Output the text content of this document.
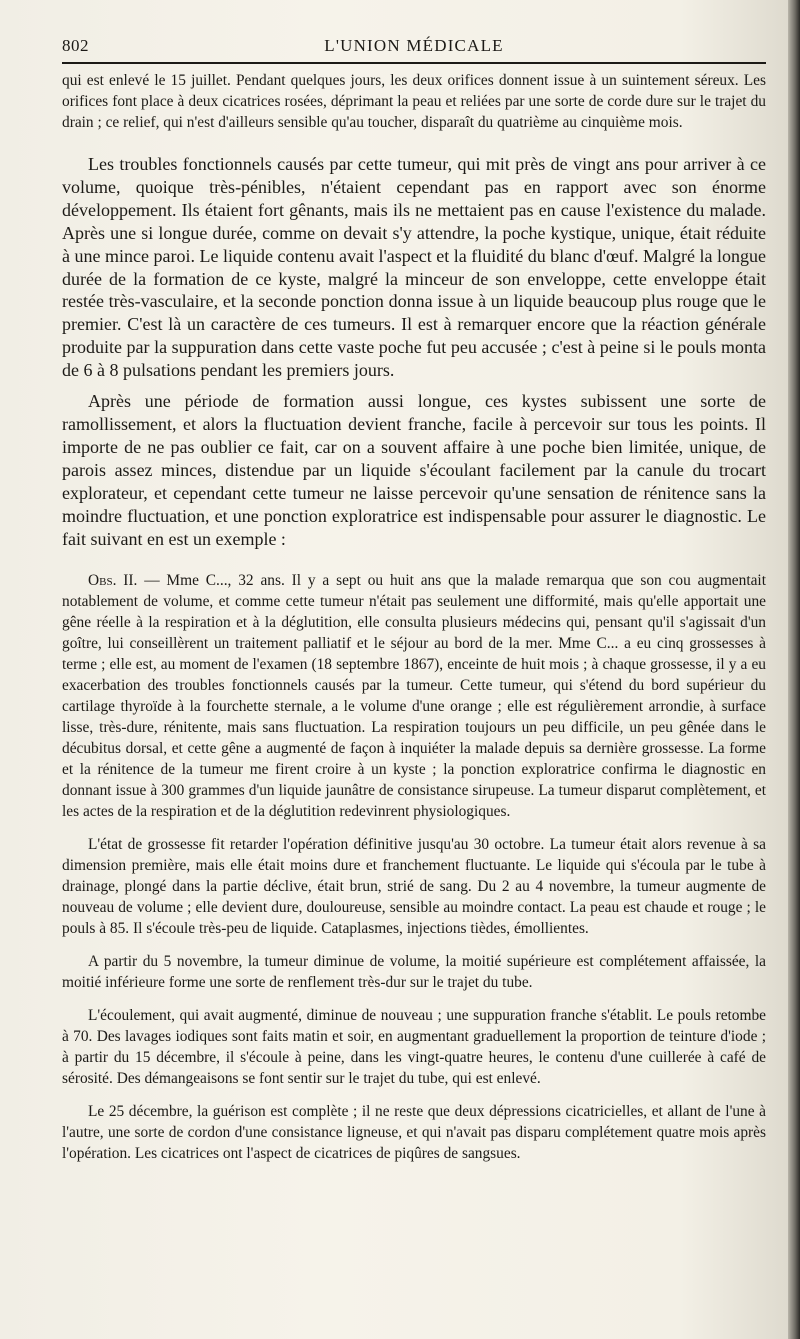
802	L'UNION MÉDICALE

qui est enlevé le 15 juillet. Pendant quelques jours, les deux orifices donnent issue à un suintement séreux. Les orifices font place à deux cicatrices rosées, déprimant la peau et reliées par une sorte de corde dure sur le trajet du drain ; ce relief, qui n'est d'ailleurs sensible qu'au toucher, disparaît du quatrième au cinquième mois.

Les troubles fonctionnels causés par cette tumeur, qui mit près de vingt ans pour arriver à ce volume, quoique très-pénibles, n'étaient cependant pas en rapport avec son énorme développement. Ils étaient fort gênants, mais ils ne mettaient pas en cause l'existence du malade. Après une si longue durée, comme on devait s'y attendre, la poche kystique, unique, était réduite à une mince paroi. Le liquide contenu avait l'aspect et la fluidité du blanc d'œuf. Malgré la longue durée de la formation de ce kyste, malgré la minceur de son enveloppe, cette enveloppe était restée très-vasculaire, et la seconde ponction donna issue à un liquide beaucoup plus rouge que le premier. C'est là un caractère de ces tumeurs. Il est à remarquer encore que la réaction générale produite par la suppuration dans cette vaste poche fut peu accusée ; c'est à peine si le pouls monta de 6 à 8 pulsations pendant les premiers jours.

Après une période de formation aussi longue, ces kystes subissent une sorte de ramollissement, et alors la fluctuation devient franche, facile à percevoir sur tous les points. Il importe de ne pas oublier ce fait, car on a souvent affaire à une poche bien limitée, unique, de parois assez minces, distendue par un liquide s'écoulant facilement par la canule du trocart explorateur, et cependant cette tumeur ne laisse percevoir qu'une sensation de rénitence sans la moindre fluctuation, et une ponction exploratrice est indispensable pour assurer le diagnostic. Le fait suivant en est un exemple :

Obs. II. — Mme C..., 32 ans. Il y a sept ou huit ans que la malade remarqua que son cou augmentait notablement de volume, et comme cette tumeur n'était pas seulement une difformité, mais qu'elle apportait une gêne réelle à la respiration et à la déglutition, elle consulta plusieurs médecins qui, pensant qu'il s'agissait d'un goître, lui conseillèrent un traitement palliatif et le séjour au bord de la mer. Mme C... a eu cinq grossesses à terme ; elle est, au moment de l'examen (18 septembre 1867), enceinte de huit mois ; à chaque grossesse, il y a eu exacerbation des troubles fonctionnels causés par la tumeur. Cette tumeur, qui s'étend du bord supérieur du cartilage thyroïde à la fourchette sternale, a le volume d'une orange ; elle est régulièrement arrondie, à surface lisse, très-dure, rénitente, mais sans fluctuation. La respiration toujours un peu difficile, un peu gênée dans le décubitus dorsal, et cette gêne a augmenté de façon à inquiéter la malade depuis sa dernière grossesse. La forme et la rénitence de la tumeur me firent croire à un kyste ; la ponction exploratrice confirma le diagnostic en donnant issue à 300 grammes d'un liquide jaunâtre de consistance sirupeuse. La tumeur disparut complètement, et les actes de la respiration et de la déglutition redevinrent physiologiques.

L'état de grossesse fit retarder l'opération définitive jusqu'au 30 octobre. La tumeur était alors revenue à sa dimension première, mais elle était moins dure et franchement fluctuante. Le liquide qui s'écoula par le tube à drainage, plongé dans la partie déclive, était brun, strié de sang. Du 2 au 4 novembre, la tumeur augmente de nouveau de volume ; elle devient dure, douloureuse, sensible au moindre contact. La peau est chaude et rouge ; le pouls à 85. Il s'écoule très-peu de liquide. Cataplasmes, injections tièdes, émollientes.

A partir du 5 novembre, la tumeur diminue de volume, la moitié supérieure est complétement affaissée, la moitié inférieure forme une sorte de renflement très-dur sur le trajet du tube.

L'écoulement, qui avait augmenté, diminue de nouveau ; une suppuration franche s'établit. Le pouls retombe à 70. Des lavages iodiques sont faits matin et soir, en augmentant graduellement la proportion de teinture d'iode ; à partir du 15 décembre, il s'écoule à peine, dans les vingt-quatre heures, le contenu d'une cuillerée à café de sérosité. Des démangeaisons se font sentir sur le trajet du tube, qui est enlevé.

Le 25 décembre, la guérison est complète ; il ne reste que deux dépressions cicatricielles, et allant de l'une à l'autre, une sorte de cordon d'une consistance ligneuse, et qui n'avait pas disparu complétement quatre mois après l'opération. Les cicatrices ont l'aspect de cicatrices de piqûres de sangsues.
